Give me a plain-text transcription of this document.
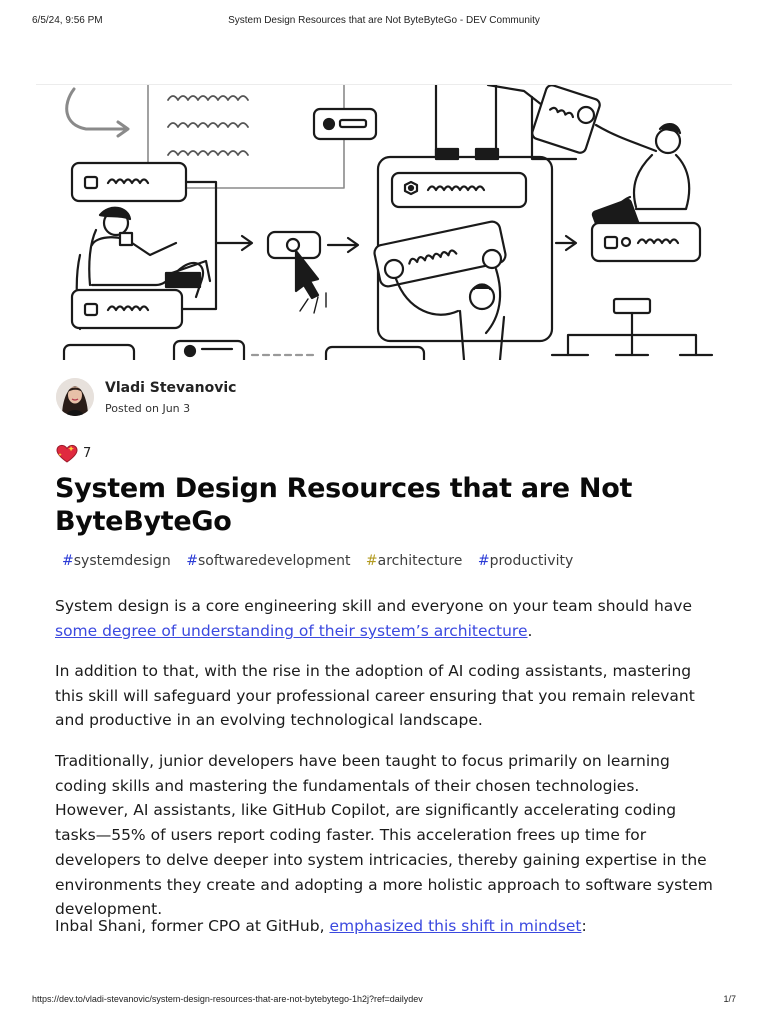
6/5/24, 9:56 PM	System Design Resources that are Not ByteByteGo - DEV Community
Vladi Stevanovic
Posted on Jun 3
7
System Design Resources that are Not ByteByteGo
#systemdesign #softwaredevelopment #architecture #productivity

System design is a core engineering skill and everyone on your team should have some degree of understanding of their system’s architecture.

In addition to that, with the rise in the adoption of AI coding assistants, mastering this skill will safeguard your professional career ensuring that you remain relevant and productive in an evolving technological landscape.

Traditionally, junior developers have been taught to focus primarily on learning coding skills and mastering the fundamentals of their chosen technologies. However, AI assistants, like GitHub Copilot, are significantly accelerating coding tasks—55% of users report coding faster. This acceleration frees up time for developers to delve deeper into system intricacies, thereby gaining expertise in the environments they create and adopting a more holistic approach to software system development.

Inbal Shani, former CPO at GitHub, emphasized this shift in mindset:

https://dev.to/vladi-stevanovic/system-design-resources-that-are-not-bytebytego-1h2j?ref=dailydev	1/7
